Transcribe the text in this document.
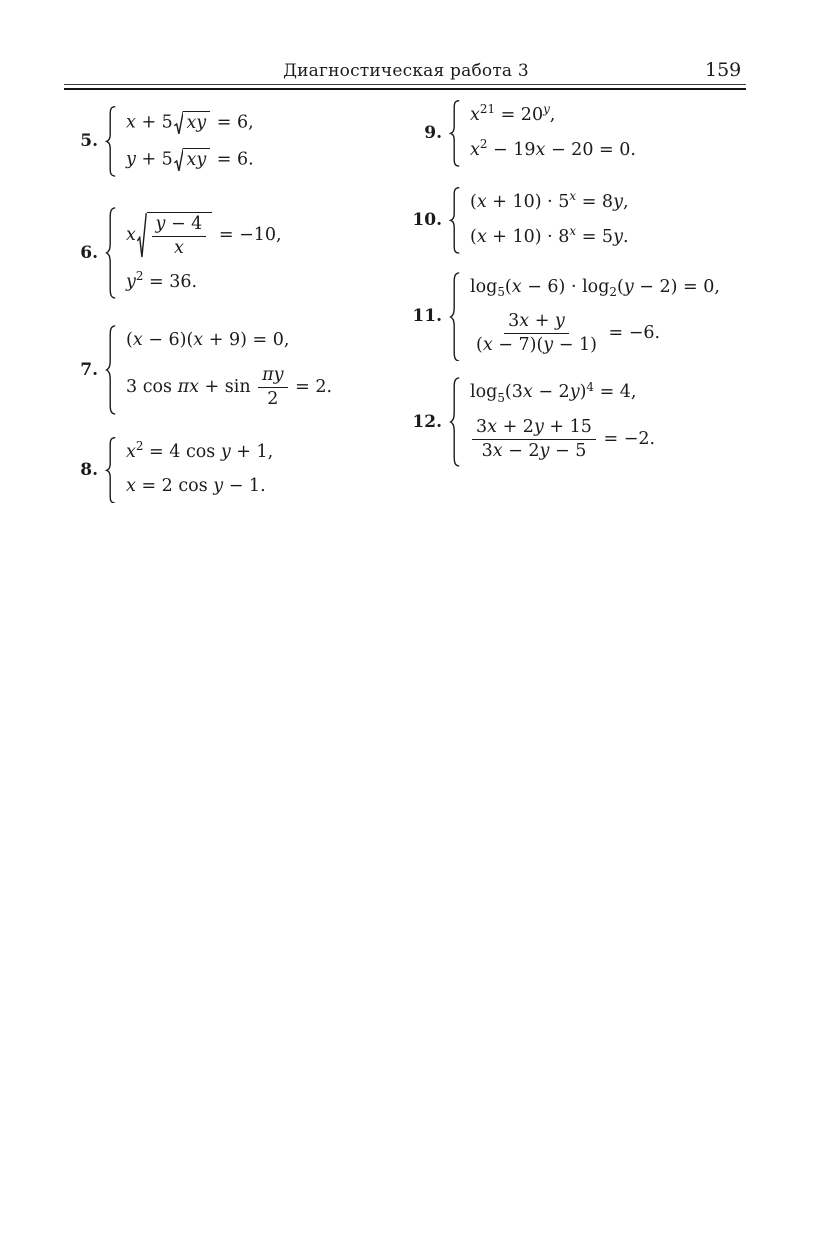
Диагностическая работа 3	159
5.
x + 5 xy = 6,
y + 5 xy = 6.
6.
x $\frac{y - 4}{x} = -10$,
y2 = 36.
7.
(x − 6)(x + 9) = 0,
3 $\cos \pi x + \sin \frac{\pi y}{2} = 2$.
8.
x2 = 4 cos y + 1,
x = 2 cos y − 1.
9.
x21 = 20y,
x2 − 19x − 20 = 0.
10.
(x + 10) · 5x = 8y,
(x + 10) · 8x = 5y.
11.
log5(x − 6) · log2(y − 2) = 0,
$\frac{3x + y}{(x - 7)(y - 1)} = -6$.
12.
log5(3x − 2y)4 = 4,
$\frac{3x + 2y + 15}{3x - 2y - 5} = -2$.
